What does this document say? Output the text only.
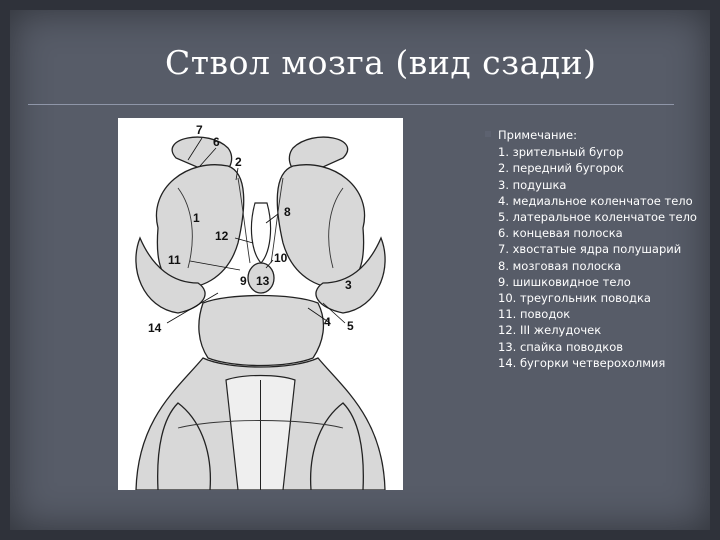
Ствол мозга (вид сзади)
7
6
2
1	8
12
11	10
9 13	3
14	4 5
Примечание:
1. зрительный бугор
2. передний бугорок
3. подушка
4. медиальное коленчатое тело
5. латеральное коленчатое тело
6. концевая полоска
7. хвостатые ядра полушарий
8. мозговая полоска
9. шишковидное тело
10. треугольник поводка
11. поводок
12. III желудочек
13. спайка поводков
14. бугорки четверохолмия
